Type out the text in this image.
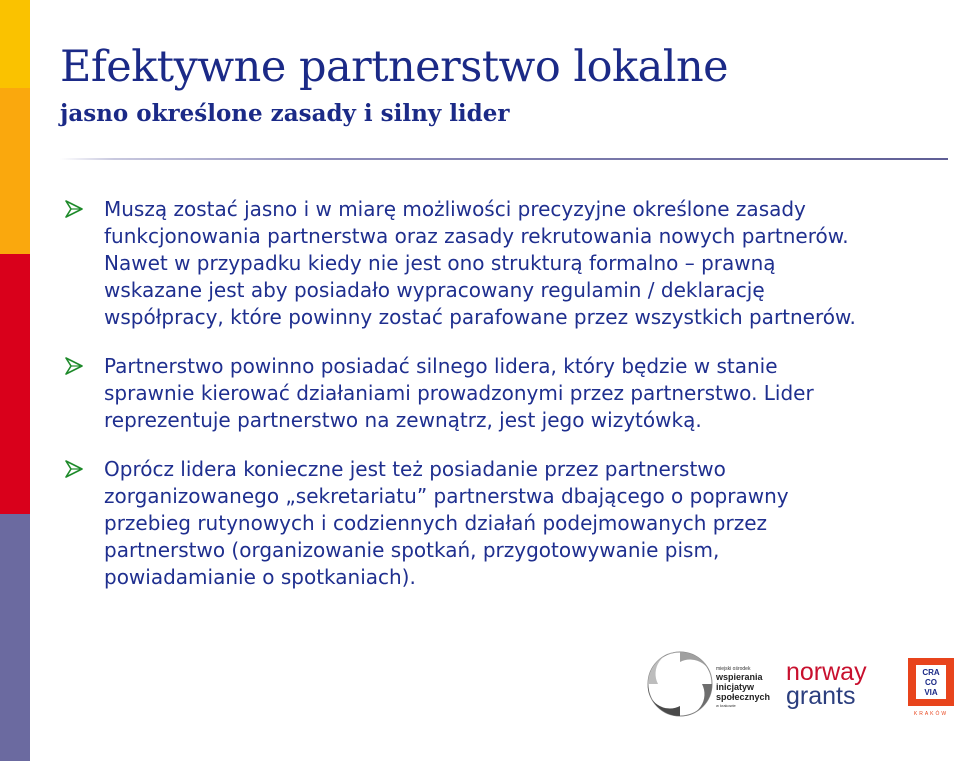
Efektywne partnerstwo lokalne
jasno określone zasady i silny lider

Muszą zostać jasno i w miarę możliwości precyzyjne określone zasady
funkcjonowania partnerstwa oraz zasady rekrutowania nowych partnerów.
Nawet w przypadku kiedy nie jest ono strukturą formalno – prawną
wskazane jest aby posiadało wypracowany regulamin / deklarację
współpracy, które powinny zostać parafowane przez wszystkich partnerów.

Partnerstwo powinno posiadać silnego lidera, który będzie w stanie
sprawnie kierować działaniami prowadzonymi przez partnerstwo. Lider
reprezentuje partnerstwo na zewnątrz, jest jego wizytówką.

Oprócz lidera konieczne jest też posiadanie przez partnerstwo
zorganizowanego „sekretariatu” partnerstwa dbającego o poprawny
przebieg rutynowych i codziennych działań podejmowanych przez
partnerstwo (organizowanie spotkań, przygotowywanie pism,
powiadamianie o spotkaniach).

miejski ośrodek
wspierania
inicjatyw
społecznych
w krakowie
norway
grants
CRA
CO
VIA
KRAKÓW
